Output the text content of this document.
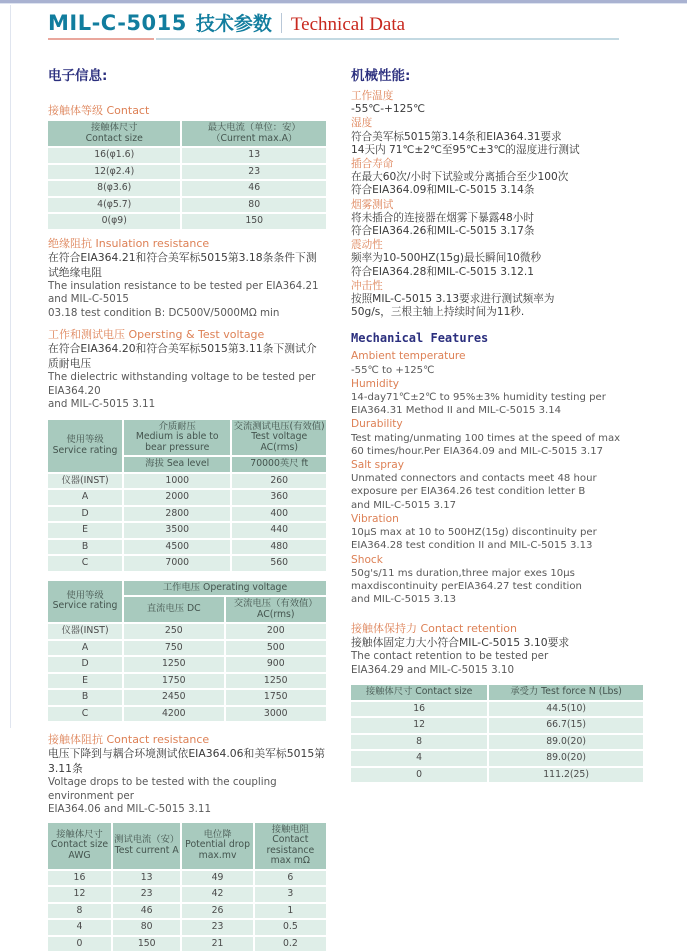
MIL-C-5015 技术参数 Technical Data
电子信息:
接触体等级 Contact
接触体尺寸
Contact size

最大电流（单位：安）
（Current max.A）

16(φ1.6)	13
12(φ2.4)	23
8(φ3.6)	46
4(φ5.7)	80
0(φ9)	150
绝缘阻抗 Insulation resistance
在符合EIA364.21和符合美军标5015第3.18条条件下测试绝缘电阻
The insulation resistance to be tested per EIA364.21 and MIL-C-5015
03.18 test condition B: DC500V/5000MΩ min
工作和测试电压 Opersting & Test voltage
在符合EIA364.20和符合美军标5015第3.11条下测试介质耐电压
The dielectric withstanding voltage to be tested per EIA364.20
and MIL-C-5015 3.11
使用等级
Service rating

介质耐压
Medium is able to bear pressure

交流测试电压(有效值)
Test voltage AC(rms)

	海拔 Sea level	70000英尺 ft
仪器(INST)	1000	260
A	2000	360
D	2800	400
E	3500	440
B	4500	480
C	7000	560
使用等级
Service rating	工作电压 Operating voltage	
	直流电压 DC	交流电压（有效值）AC(rms)
仪器(INST)	250	200
A	750	500
D	1250	900
E	1750	1250
B	2450	1750
C	4200	3000
接触体阻抗 Contact resistance
电压下降到与耦合环境测试依EIA364.06和美军标5015第3.11条
Voltage drops to be tested with the coupling environment per
EIA364.06 and MIL-C-5015 3.11
接触体尺寸
Contact size AWG

测试电流（安）
Test current A

电位降
Potential drop
max.mv

接触电阻
Contact resistance
max mΩ

16	13	49	6
12	23	42	3
8	46	26	1
4	80	23	0.5
0	150	21	0.2
机械性能:
工作温度
-55℃-+125℃
湿度
符合美军标5015第3.14条和EIA364.31要求
14天内 71℃±2℃至95℃±3℃的湿度进行测试
插合寿命
在最大60次/小时下试验或分离插合至少100次
符合EIA364.09和MIL-C-5015 3.14条
烟雾测试
将未插合的连接器在烟雾下暴露48小时
符合EIA364.26和MIL-C-5015 3.17条
震动性
频率为10-500HZ(15g)最长瞬间10微秒
符合EIA364.28和MIL-C-5015 3.12.1
冲击性
按照MIL-C-5015 3.13要求进行测试频率为
50g/s，三根主轴上持续时间为11秒.
Mechanical Features
Ambient temperature
-55℃ to +125℃
Humidity
14-day71℃±2℃ to 95%±3% humidity testing per
EIA364.31 Method II and MIL-C-5015 3.14
Durability
Test mating/unmating 100 times at the speed of max
60 times/hour.Per EIA364.09 and MIL-C-5015 3.17
Salt spray
Unmated connectors and contacts meet 48 hour
exposure per EIA364.26 test condition letter B
and MIL-C-5015 3.17
Vibration
10μS max at 10 to 500HZ(15g) discontinuity per
EIA364.28 test condition II and MIL-C-5015 3.13
Shock
50g's/11 ms duration,three major exes 10μs
maxdiscontinuity perEIA364.27 test condition
and MIL-C-5015 3.13
接触体保持力 Contact retention
接触体固定力大小符合MIL-C-5015 3.10要求
The contact retention to be tested per
EIA364.29 and MIL-C-5015 3.10
接触体尺寸 Contact size	承受力 Test force N (Lbs)
16	44.5(10)
12	66.7(15)
8	89.0(20)
4	89.0(20)
0	111.2(25)
